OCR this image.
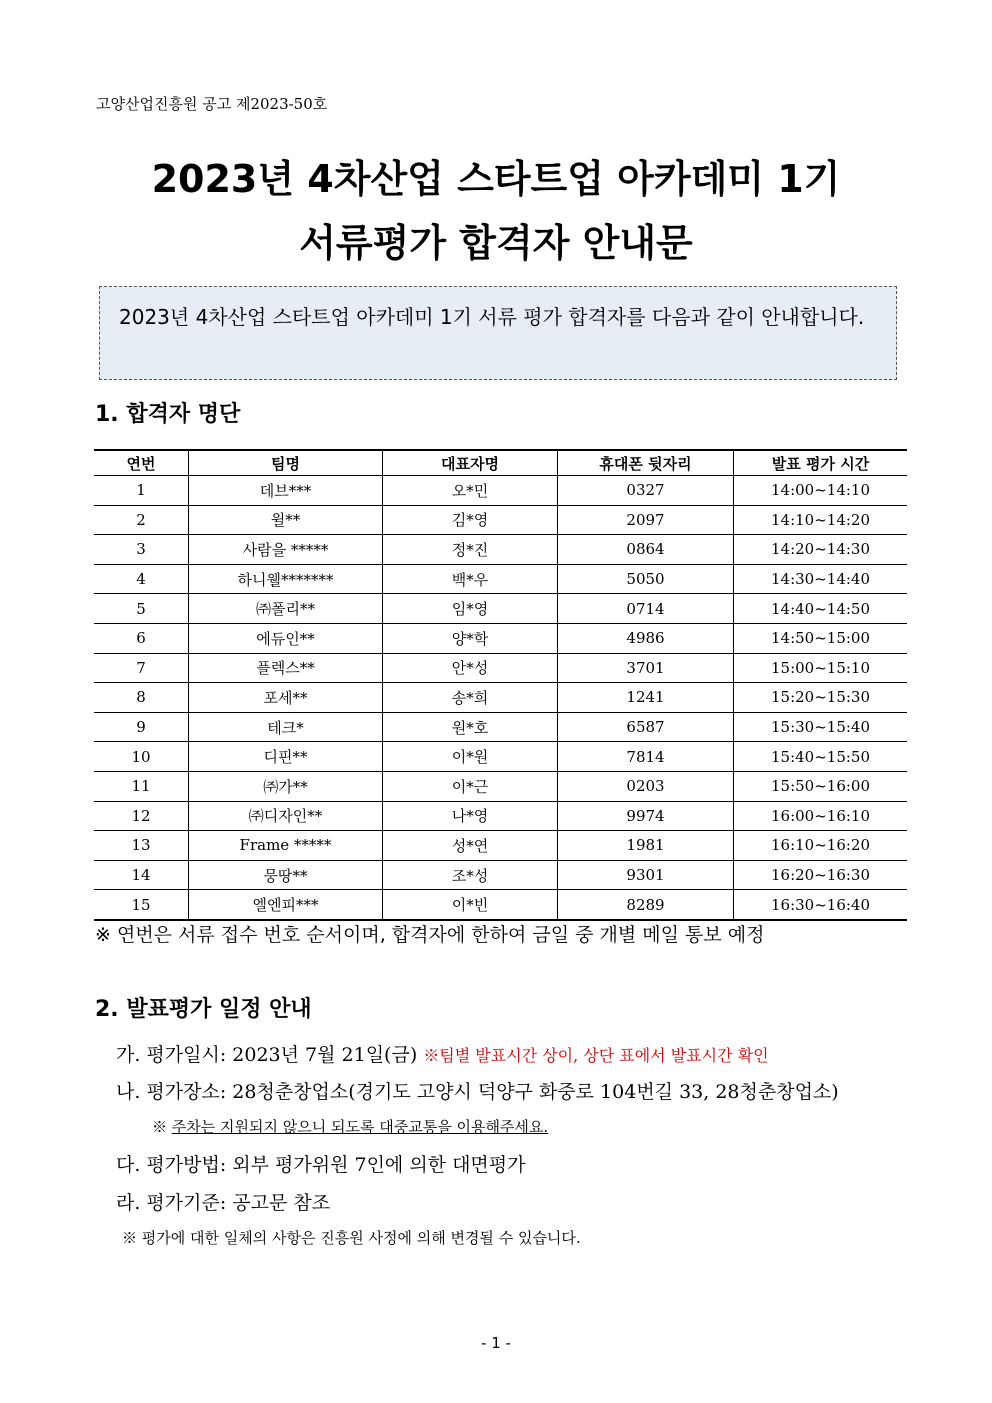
고양산업진흥원 공고 제2023-50호
2023년 4차산업 스타트업 아카데미 1기
서류평가 합격자 안내문
2023년 4차산업 스타트업 아카데미 1기 서류 평가 합격자를 다음과 같이 안내합니다.
1. 합격자 명단
연번	팀명	대표자명	휴대폰 뒷자리	발표 평가 시간
1	데브***	오*민	0327	14:00~14:10
2	윌**	김*영	2097	14:10~14:20
3	사람을 *****	정*진	0864	14:20~14:30
4	하니웰*******	백*우	5050	14:30~14:40
5	㈜폴리**	임*영	0714	14:40~14:50
6	에듀인**	양*학	4986	14:50~15:00
7	플렉스**	안*성	3701	15:00~15:10
8	포세**	송*희	1241	15:20~15:30
9	테크*	원*호	6587	15:30~15:40
10	디핀**	이*원	7814	15:40~15:50
11	㈜가**	이*근	0203	15:50~16:00
12	㈜디자인**	나*영	9974	16:00~16:10
13	Frame *****	성*연	1981	16:10~16:20
14	뭉땅**	조*성	9301	16:20~16:30
15	엘엔피***	이*빈	8289	16:30~16:40
※ 연번은 서류 접수 번호 순서이며, 합격자에 한하여 금일 중 개별 메일 통보 예정
2. 발표평가 일정 안내
가. 평가일시: 2023년 7월 21일(금) ※팀별 발표시간 상이, 상단 표에서 발표시간 확인
나. 평가장소: 28청춘창업소(경기도 고양시 덕양구 화중로 104번길 33, 28청춘창업소)
※ 주차는 지원되지 않으니 되도록 대중교통을 이용해주세요.
다. 평가방법: 외부 평가위원 7인에 의한 대면평가
라. 평가기준: 공고문 참조
※ 평가에 대한 일체의 사항은 진흥원 사정에 의해 변경될 수 있습니다.
- 1 -
